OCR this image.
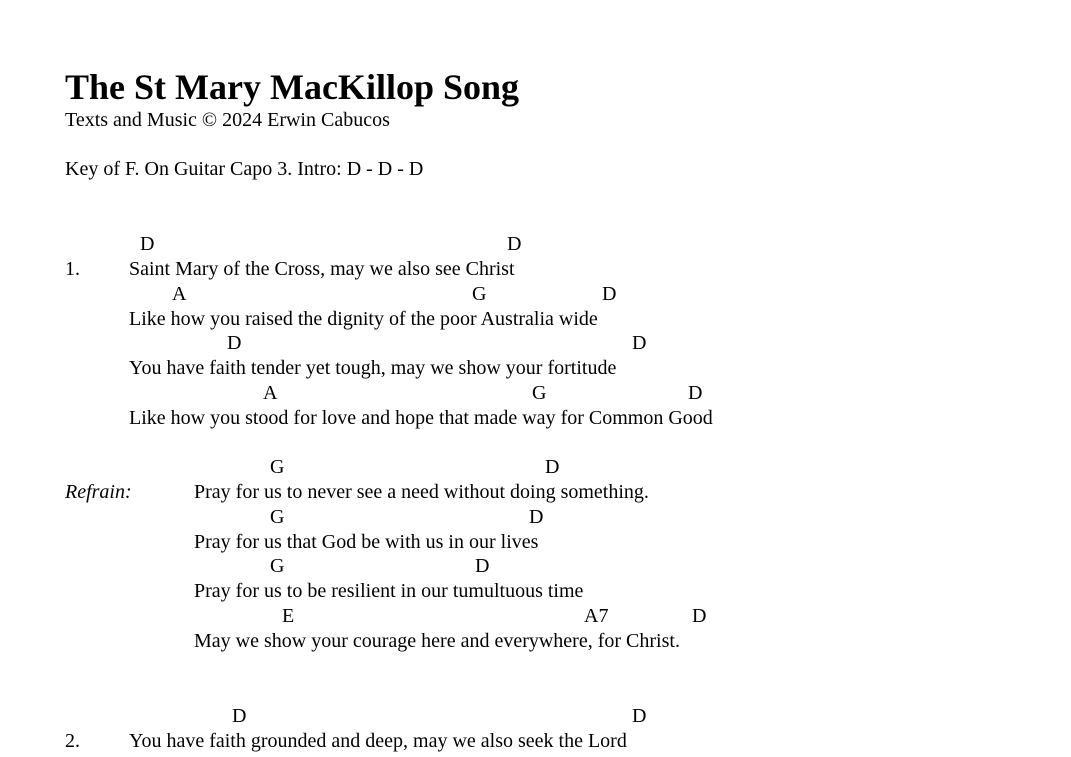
The St Mary MacKillop Song
Texts and Music © 2024 Erwin Cabucos
Key of F. On Guitar Capo 3. Intro: D - D - D
D	D
1. Saint Mary of the Cross, may we also see Christ
A	G	D
Like how you raised the dignity of the poor Australia wide
D	D
You have faith tender yet tough, may we show your fortitude
A	G	D
Like how you stood for love and hope that made way for Common Good
G	D
Refrain:	Pray for us to never see a need without doing something.
G	D
Pray for us that God be with us in our lives
G	D
Pray for us to be resilient in our tumultuous time
E	A7	D
May we show your courage here and everywhere, for Christ.
D	D
2. You have faith grounded and deep, may we also seek the Lord
